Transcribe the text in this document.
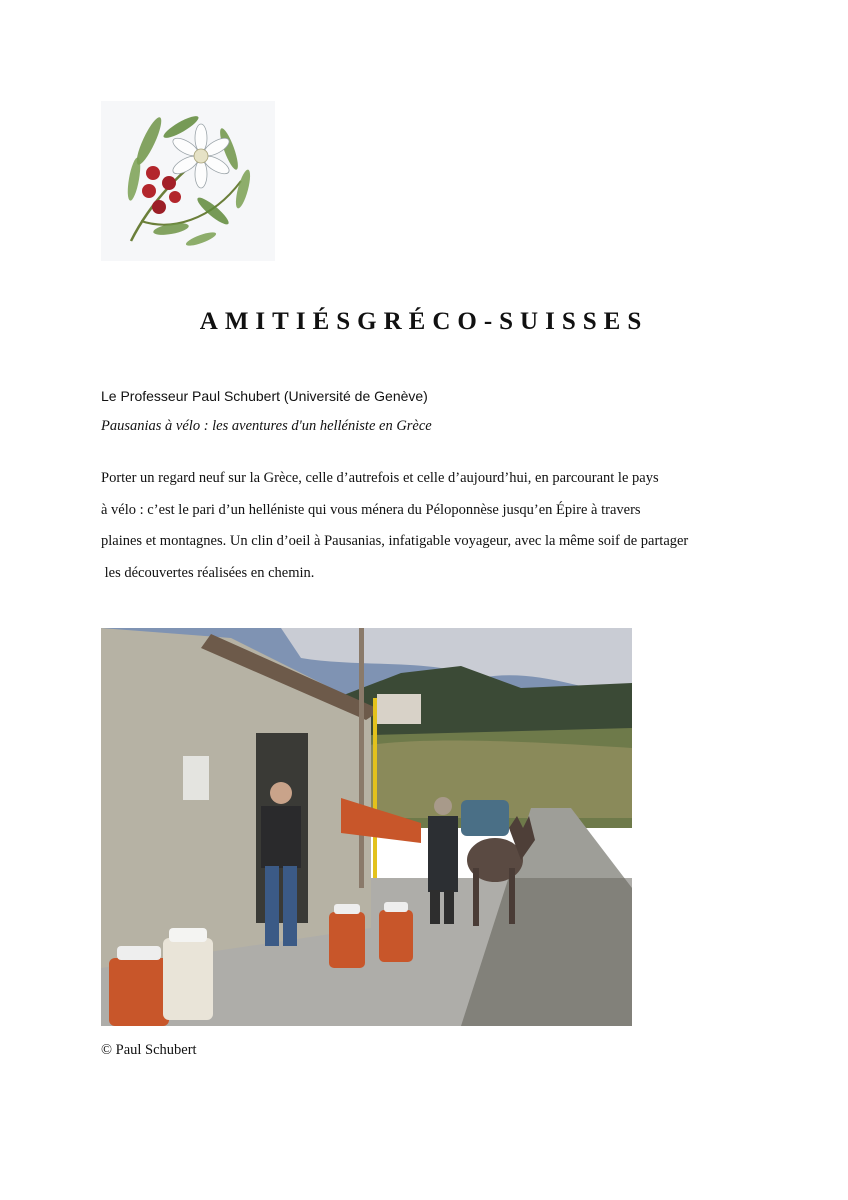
AMITIÉSGRÉCO-SUISSES
Le Professeur Paul Schubert (Université de Genève)
Pausanias à vélo : les aventures d'un helléniste en Grèce
Porter un regard neuf sur la Grèce, celle d’autrefois et celle d’aujourd’hui, en parcourant le pays
à vélo : c’est le pari d’un helléniste qui vous ménera du Péloponnèse jusqu’en Épire à travers
plaines et montagnes. Un clin d’oeil à Pausanias, infatigable voyageur, avec la même soif de partager
les découvertes réalisées en chemin.
© Paul Schubert
